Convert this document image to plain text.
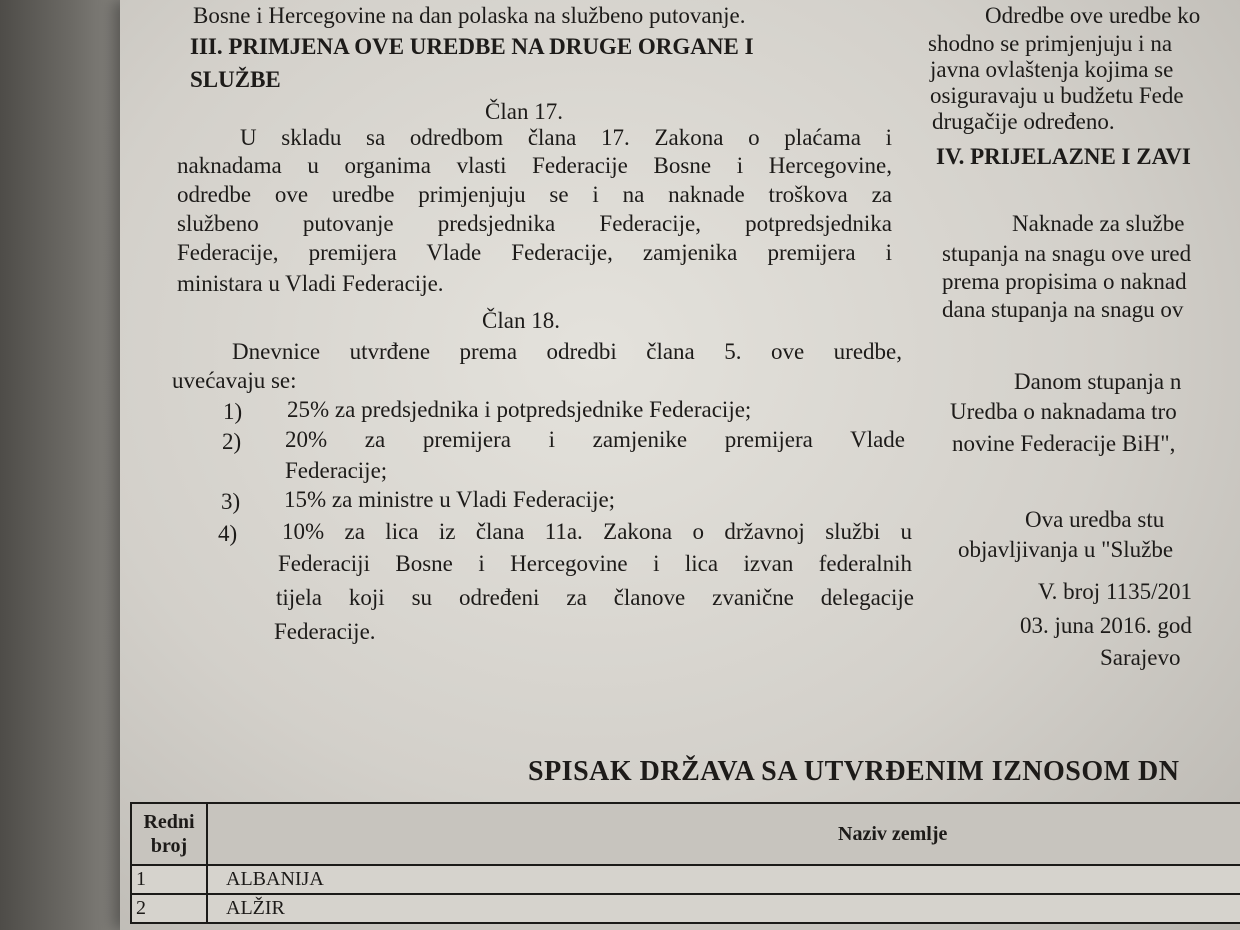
Bosne i Hercegovine na dan polaska na službeno putovanje.
III. PRIMJENA OVE UREDBE NA DRUGE ORGANE I
SLUŽBE
Član 17.
U skladu sa odredbom člana 17. Zakona o plaćama i
naknadama u organima vlasti Federacije Bosne i Hercegovine,
odredbe ove uredbe primjenjuju se i na naknade troškova za
službeno putovanje predsjednika Federacije, potpredsjednika
Federacije, premijera Vlade Federacije, zamjenika premijera i
ministara u Vladi Federacije.
Član 18.
Dnevnice utvrđene prema odredbi člana 5. ove uredbe,
uvećavaju se:
1) 25% za predsjednika i potpredsjednike Federacije;
2) 20% za premijera i zamjenike premijera Vlade
Federacije;
3) 15% za ministre u Vladi Federacije;
4) 10% za lica iz člana 11a. Zakona o državnoj službi u
Federaciji Bosne i Hercegovine i lica izvan federalnih
tijela koji su određeni za članove zvanične delegacije
Federacije.
Odredbe ove uredbe ko
shodno se primjenjuju i na
javna ovlaštenja kojima se
osiguravaju u budžetu Fede
drugačije određeno.
IV. PRIJELAZNE I ZAVI
Naknade za službe
stupanja na snagu ove ured
prema propisima o naknad
dana stupanja na snagu ov
Danom stupanja n
Uredba o naknadama tro
novine Federacije BiH",
Ova uredba stu
objavljivanja u "Službe
V. broj 1135/201
03. juna 2016. god
Sarajevo
SPISAK DRŽAVA SA UTVRĐENIM IZNOSOM DN
Redni
broj	Naziv zemlje
1	ALBANIJA
2	ALŽIR
